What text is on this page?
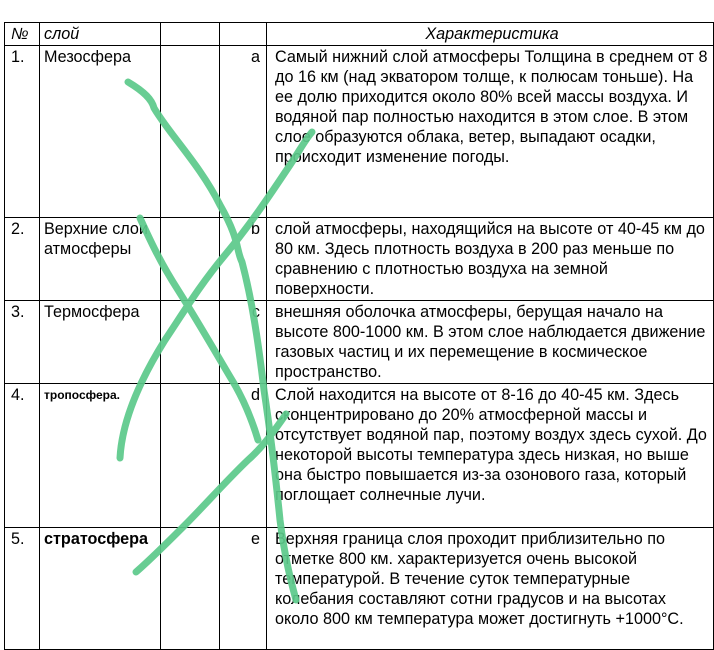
№	слой			Характеристика
1.	Мезосфера		a	Самый нижний слой атмосферы Толщина в среднем от 8 до 16 км (над экватором толще, к полюсам тоньше). На ее долю приходится около 80% всей массы воздуха. И водяной пар полностью находится в этом слое. В этом слое образуются облака, ветер, выпадают осадки, происходит изменение погоды.
2.	Верхние слои атмосферы		b	слой атмосферы, находящийся на высоте от 40-45 км до 80 км. Здесь плотность воздуха в 200 раз меньше по сравнению с плотностью воздуха на земной поверхности.
3.	Термосфера		c	внешняя оболочка атмосферы, берущая начало на высоте 800-1000 км. В этом слое наблюдается движение газовых частиц и их перемещение в космическое пространство.
4.	тропосфера.		d	Слой находится на высоте от 8-16 до 40-45 км. Здесь сконцентрировано до 20% атмосферной массы и отсутствует водяной пар, поэтому воздух здесь сухой. До некоторой высоты температура здесь низкая, но выше она быстро повышается из-за озонового газа, который поглощает солнечные лучи.
5.	стратосфера		e	Верхняя граница слоя проходит приблизительно по отметке 800 км. характеризуется очень высокой температурой. В течение суток температурные колебания составляют сотни градусов и на высотах около 800 км температура может достигнуть +1000°С.
